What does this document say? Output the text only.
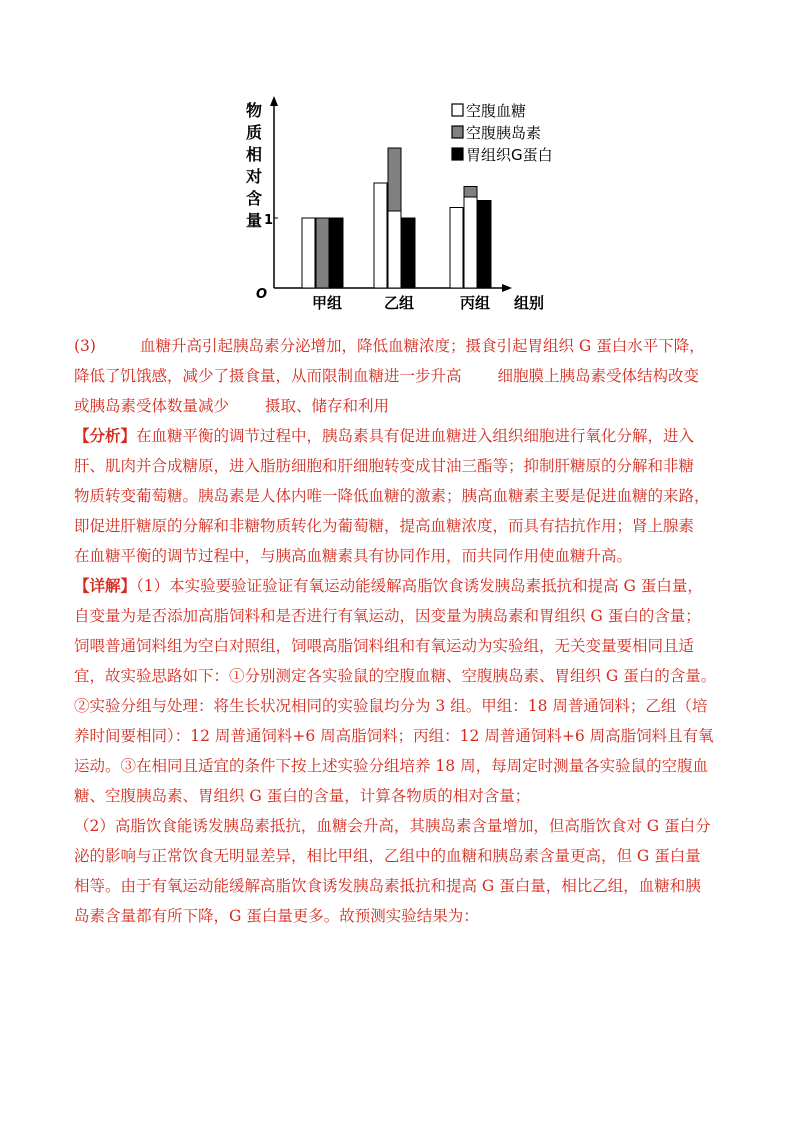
物
质
相
对
含
量
O
1
甲组	乙组	丙组 组别
空腹血糖
空腹胰岛素
胃组织G蛋白
(3)	血糖升高引起胰岛素分泌增加，降低血糖浓度；摄食引起胃组织 G 蛋白水平下降，
降低了饥饿感，减少了摄食量，从而限制血糖进一步升高 细胞膜上胰岛素受体结构改变
或胰岛素受体数量减少 摄取、储存和利用
【分析】在血糖平衡的调节过程中，胰岛素具有促进血糖进入组织细胞进行氧化分解，进入
肝、肌肉并合成糖原，进入脂肪细胞和肝细胞转变成甘油三酯等；抑制肝糖原的分解和非糖
物质转变葡萄糖。胰岛素是人体内唯一降低血糖的激素；胰高血糖素主要是促进血糖的来路，
即促进肝糖原的分解和非糖物质转化为葡萄糖，提高血糖浓度，而具有拮抗作用；肾上腺素
在血糖平衡的调节过程中，与胰高血糖素具有协同作用，而共同作用使血糖升高。
【详解】（1）本实验要验证验证有氧运动能缓解高脂饮食诱发胰岛素抵抗和提高 G 蛋白量，
自变量为是否添加高脂饲料和是否进行有氧运动，因变量为胰岛素和胃组织 G 蛋白的含量；
饲喂普通饲料组为空白对照组，饲喂高脂饲料组和有氧运动为实验组，无关变量要相同且适
宜，故实验思路如下：①分别测定各实验鼠的空腹血糖、空腹胰岛素、胃组织 G 蛋白的含量。
②实验分组与处理：将生长状况相同的实验鼠均分为 3 组。甲组：18 周普通饲料；乙组（培
养时间要相同）：12 周普通饲料+6 周高脂饲料；丙组：12 周普通饲料+6 周高脂饲料且有氧
运动。③在相同且适宜的条件下按上述实验分组培养 18 周，每周定时测量各实验鼠的空腹血
糖、空腹胰岛素、胃组织 G 蛋白的含量，计算各物质的相对含量；
（2）高脂饮食能诱发胰岛素抵抗，血糖会升高，其胰岛素含量增加，但高脂饮食对 G 蛋白分
泌的影响与正常饮食无明显差异，相比甲组，乙组中的血糖和胰岛素含量更高，但 G 蛋白量
相等。由于有氧运动能缓解高脂饮食诱发胰岛素抵抗和提高 G 蛋白量，相比乙组，血糖和胰
岛素含量都有所下降，G 蛋白量更多。故预测实验结果为：
